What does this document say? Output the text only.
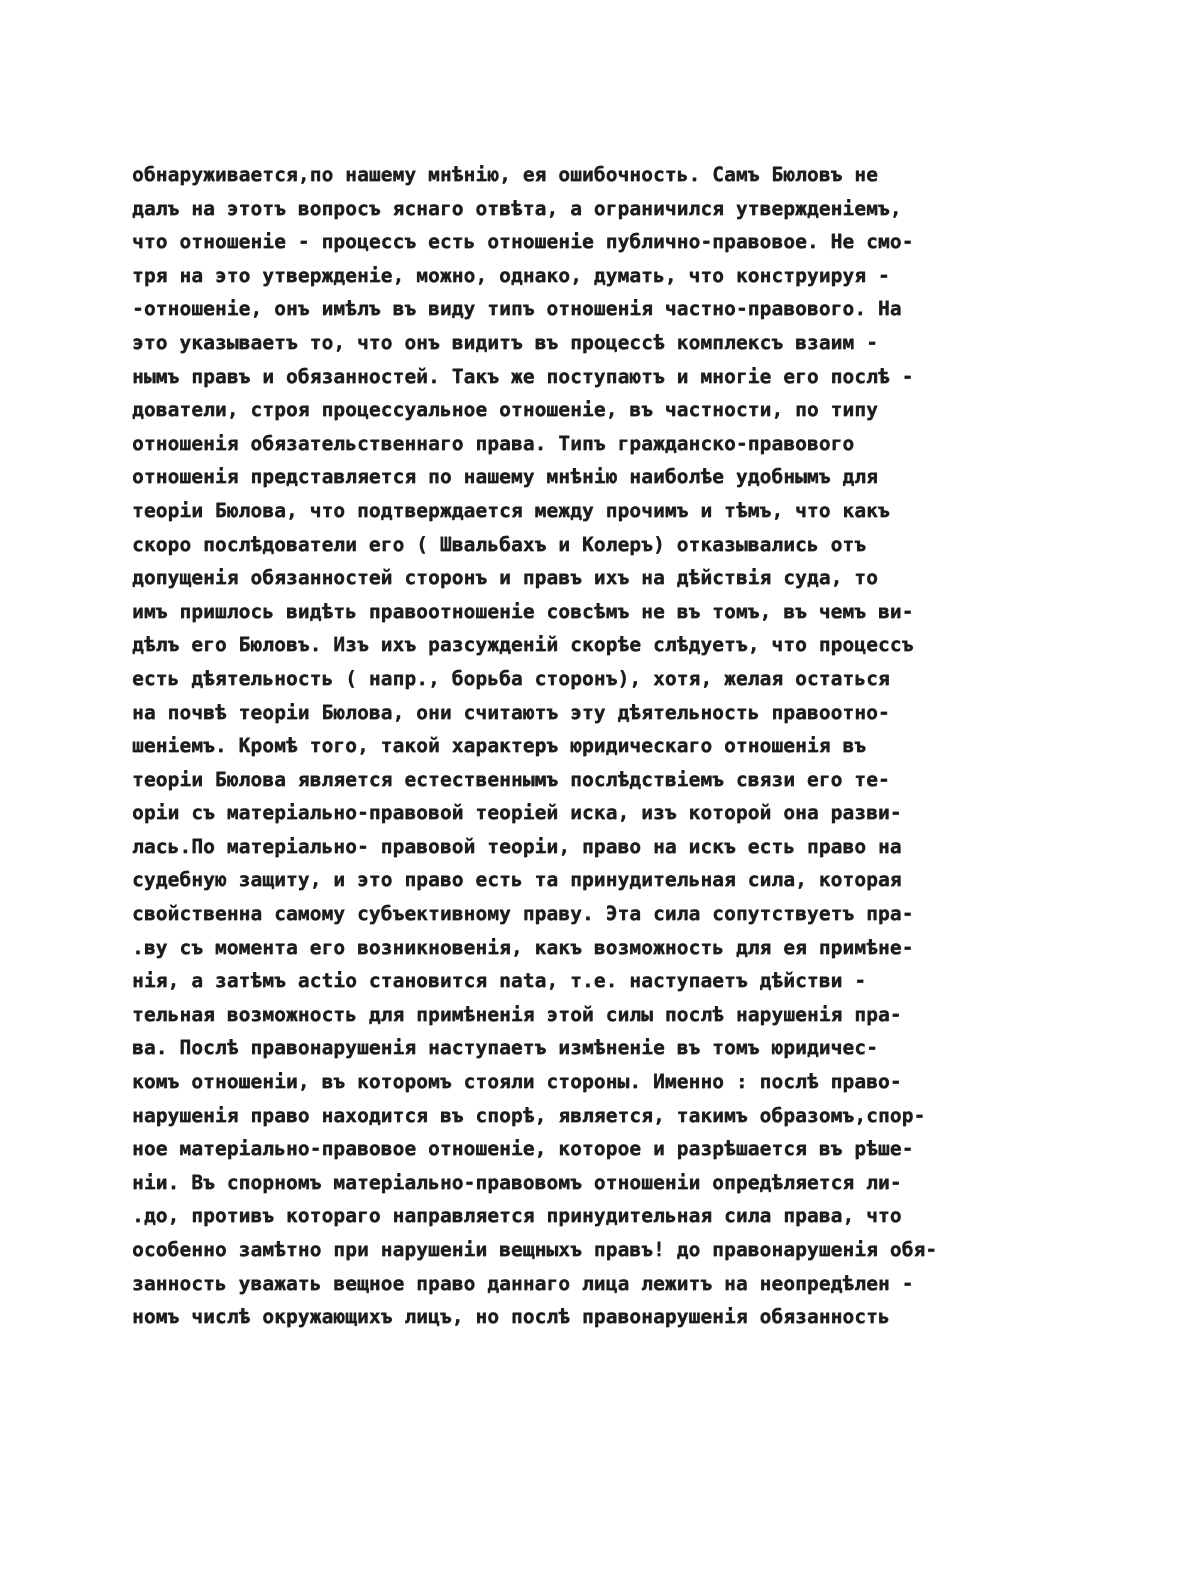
обнаруживается,по нашему мнѣнiю, ея ошибочность. Самъ Бюловъ не
далъ на этотъ вопросъ яснаго отвѣта, а ограничился утвержденiемъ,
что отношенiе - процессъ есть отношенiе публично-правовое. Не смо-
тря на это утвержденiе, можно, однако, думать, что конструируя -
-отношенiе, онъ имѣлъ въ виду типъ отношенiя частно-правового. На
это указываетъ то, что онъ видитъ въ процессѣ комплексъ взаим -
нымъ правъ и обязанностей. Такъ же поступаютъ и многiе его послѣ -
дователи, строя процессуальное отношенiе, въ частности, по типу
отношенiя обязательственнаго права. Типъ гражданско-правового
отношенiя представляется по нашему мнѣнiю наиболѣе удобнымъ для
теорiи Бюлова, что подтверждается между прочимъ и тѣмъ, что какъ
скоро послѣдователи его ( Швальбахъ и Колеръ) отказывались отъ
допущенiя обязанностей сторонъ и правъ ихъ на дѣйствiя суда, то
имъ пришлось видѣть правоотношенiе совсѣмъ не въ томъ, въ чемъ ви-
дѣлъ его Бюловъ. Изъ ихъ разсужденiй скорѣе слѣдуетъ, что процессъ
есть дѣятельность ( напр., борьба сторонъ), хотя, желая остаться
на почвѣ теорiи Бюлова, они считаютъ эту дѣятельность правоотно-
шенiемъ. Кромѣ того, такой характеръ юридическаго отношенiя въ
теорiи Бюлова является естественнымъ послѣдствiемъ связи его те-
орiи съ матерiально-правовой теорiей иска, изъ которой она разви-
лась.По матерiально- правовой теорiи, право на искъ есть право на
судебную защиту, и это право есть та принудительная сила, которая
свойственна самому субъективному праву. Эта сила сопутствуетъ пра-
.ву съ момента его возникновенiя, какъ возможность для ея примѣне-
нiя, а затѣмъ actio становится nata, т.е. наступаетъ дѣйстви -
тельная возможность для примѣненiя этой силы послѣ нарушенiя пра-
ва. Послѣ правонарушенiя наступаетъ измѣненiе въ томъ юридичес-
комъ отношенiи, въ которомъ стояли стороны. Именно : послѣ право-
нарушенiя право находится въ спорѣ, является, такимъ образомъ,спор-
ное матерiально-правовое отношенiе, которое и разрѣшается въ рѣше-
нiи. Въ спорномъ матерiально-правовомъ отношенiи опредѣляется ли-
.до, противъ котораго направляется принудительная сила права, что
особенно замѣтно при нарушенiи вещныхъ правъ! до правонарушенiя обя-
занность уважать вещное право даннаго лица лежитъ на неопредѣлен -
номъ числѣ окружающихъ лицъ, но послѣ правонарушенiя обязанность
